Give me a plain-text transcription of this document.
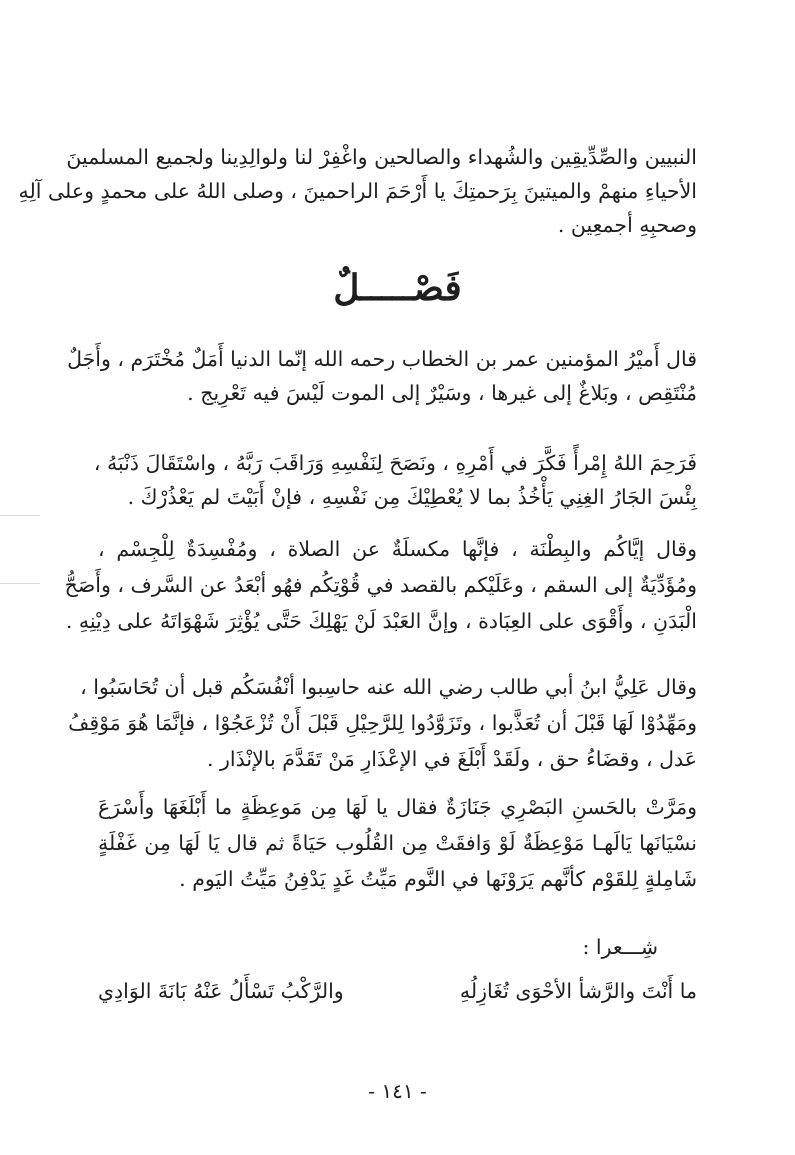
النبيين والصِّدِّيقِين والشُهداء والصالحين واغْفِرْ لنا ولوالِدِينا ولجميع المسلمينَ
الأحياءِ منهمْ والميتينَ بِرَحمتِكَ يا أَرْحَمَ الراحمينَ ، وصلى اللهُ على محمدٍ وعلى آلِهِ
وصحبِهِ أجمعِين .
فَصْـــــلٌ
قال أَميْرُ المؤمنين عمر بن الخطاب رحمه الله إنّما الدنيا أَمَلٌ مُخْتَرَم ، وأَجَلٌ
مُنْتَقِص ، وبَلاغٌ إلى غيرها ، وسَيْرٌ إلى الموت لَيْسَ فيه تَعْرِيج .
فَرَحِمَ اللهُ إِمْرأً فَكَّرَ في أَمْرِهِ ، ونَصَحَ لِنَفْسِهِ وَرَاقَبَ رَبَّهُ ، واسْتَقَالَ ذَنْبَهُ ،
بِئْسَ الجَارُ الغِنِي يَأْخُذُ بما لا يُعْطِيْكَ مِن نَفْسِهِ ، فإنْ أَبَيْتَ لم يَعْذُرْكَ .
وقال إيَّاكُم والبِطْنَة ، فإنَّها مكسلَةٌ عن الصلاة ، ومُفْسِدَةٌ لِلْجِسْم ،
ومُؤَدِّيَةٌ إلى السقم ، وعَلَيْكم بالقصد في قُوْتِكُم فهُو أبْعَدُ عن السَّرف ، وأَصَحُّ
الْبَدَنِ ، وأَقْوَى على العِبَادة ، وإنَّ العَبْدَ لَنْ يَهْلِكَ حَتَّى يُؤْثِرَ شَهْوَاتَهُ على دِيْنِهِ .
وقال عَلِيُّ ابنُ أبي طالب رضي الله عنه حاسِبوا أنْفُسَكُم قبل أن تُحَاسَبُوا ،
ومَهِّدُوْا لَهَا قَبْلَ أن تُعَذَّبوا ، وتَزَوَّدُوا لِلرَّحِيْلِ قَبْلَ أَنْ تُزْعَجُوْا ، فإنَّمَا هُوَ مَوْقِفُ
عَدل ، وقضَاءُ حق ، ولَقَدْ أَبْلَغَ في الإعْذَارِ مَنْ تَقَدَّمَ بالإنْذَار .
ومَرَّتْ بالحَسنِ البَصْرِي جَنَازَةٌ فقال يا لَهَا مِن مَوعِظَةٍ ما أَبْلَغَهَا وأَسْرَعَ
نسْيَانَها يَالَهـا مَوْعِظَةٌ لَوْ وَافقَتْ مِن القُلُوب حَيَاةً ثم قال يَا لَهَا مِن غَفْلَةٍ
شَامِلةٍ لِلقَوْم كأنَّهم يَرَوْنَها في النَّوم مَيِّتُ غَدٍ يَدْفِنُ مَيِّتُ اليَوم .
شِـــعرا :
ما أَنْتَ والرَّشأ الأحْوَى تُغَازِلُهِ
والرَّكْبُ تَسْأَلُ عَنْهُ بَانَةَ الوَادِي
- ١٤١ -
